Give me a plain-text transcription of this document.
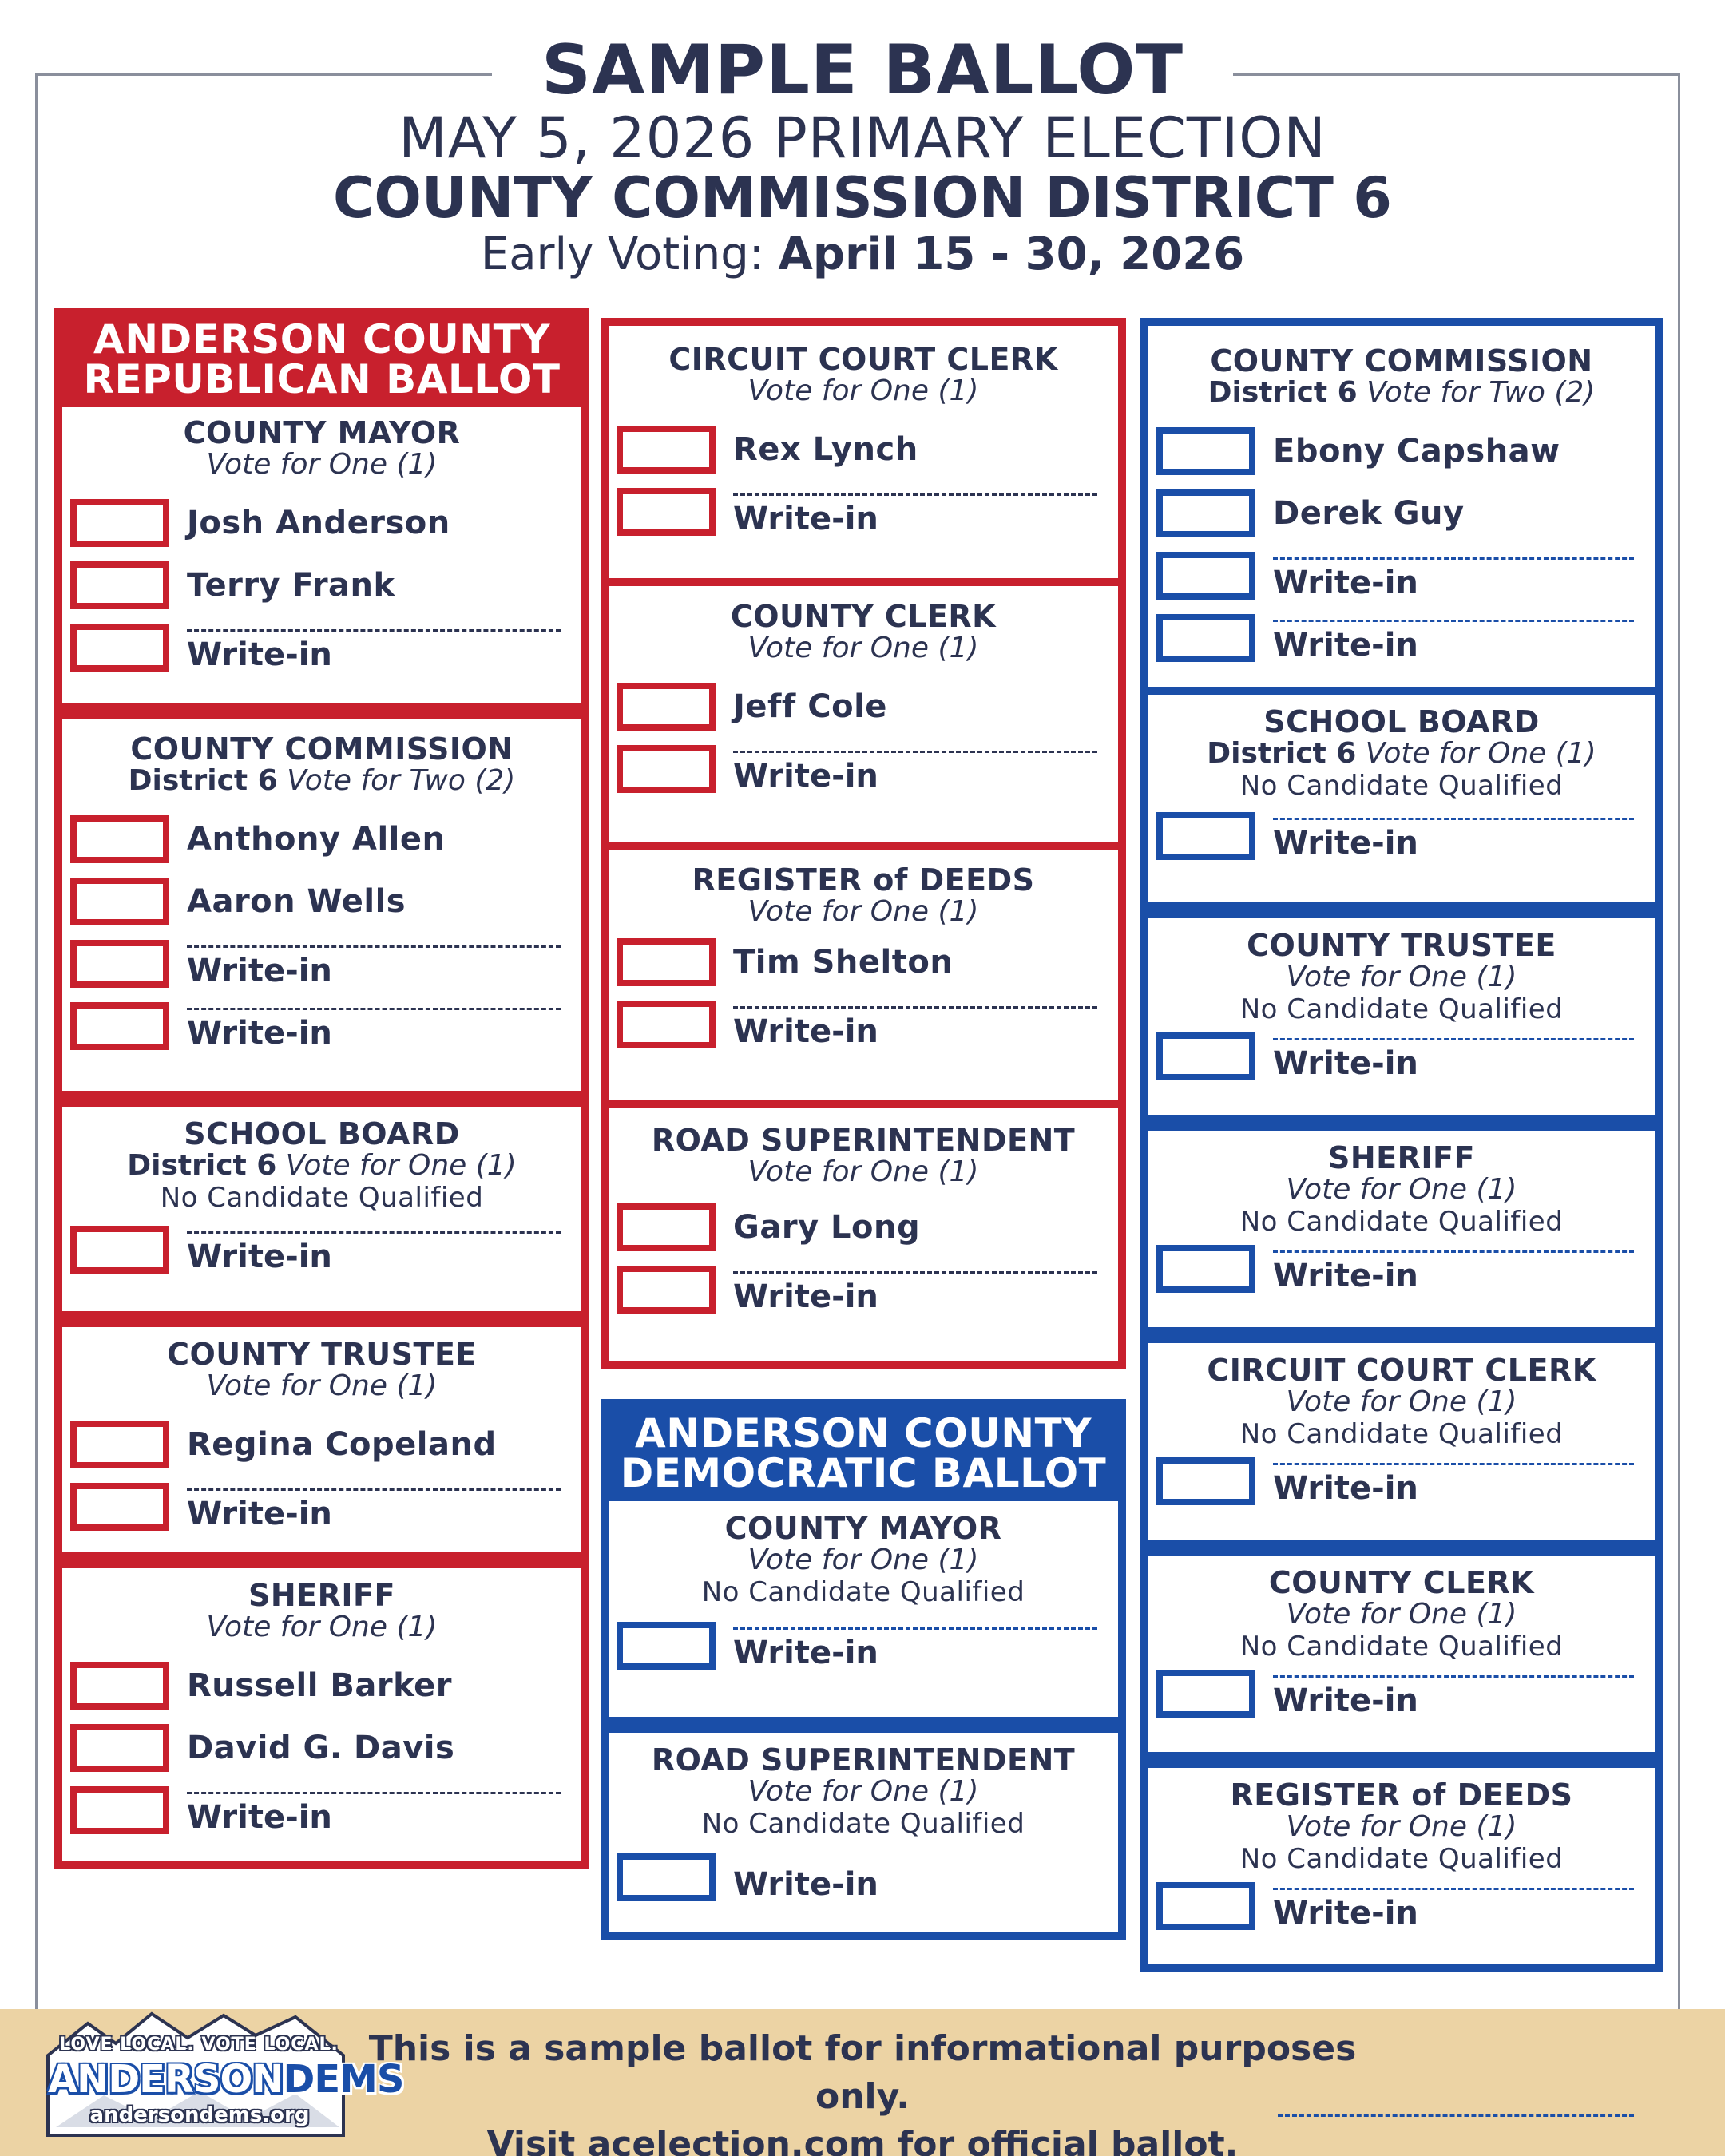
SAMPLE BALLOT
MAY 5, 2026 PRIMARY ELECTION
COUNTY COMMISSION DISTRICT 6
Early Voting: April 15 - 30, 2026
ANDERSON COUNTY
REPUBLICAN BALLOT
COUNTY MAYOR
Vote for One (1)
Josh Anderson
Terry Frank
Write-in
COUNTY COMMISSION
District 6 Vote for Two (2)
Anthony Allen
Aaron Wells
Write-in
Write-in
SCHOOL BOARD
District 6 Vote for One (1)
No Candidate Qualified
Write-in
COUNTY TRUSTEE
Vote for One (1)
Regina Copeland
Write-in
SHERIFF
Vote for One (1)
Russell Barker
David G. Davis
Write-in
CIRCUIT COURT CLERK
Vote for One (1)
Rex Lynch
Write-in
COUNTY CLERK
Vote for One (1)
Jeff Cole
Write-in
REGISTER of DEEDS
Vote for One (1)
Tim Shelton
Write-in
ROAD SUPERINTENDENT
Vote for One (1)
Gary Long
Write-in
ANDERSON COUNTY
DEMOCRATIC BALLOT
COUNTY MAYOR
Vote for One (1)
No Candidate Qualified
Write-in
ROAD SUPERINTENDENT
Vote for One (1)
No Candidate Qualified
Write-in
COUNTY COMMISSION
District 6 Vote for Two (2)
Ebony Capshaw
Derek Guy
Write-in
Write-in
SCHOOL BOARD
District 6 Vote for One (1)
No Candidate Qualified
Write-in
COUNTY TRUSTEE
Vote for One (1)
No Candidate Qualified
Write-in
SHERIFF
Vote for One (1)
No Candidate Qualified
Write-in
CIRCUIT COURT CLERK
Vote for One (1)
No Candidate Qualified
Write-in
COUNTY CLERK
Vote for One (1)
No Candidate Qualified
Write-in
REGISTER of DEEDS
Vote for One (1)
No Candidate Qualified
Write-in
This is a sample ballot for informational purposes only.
Visit acelection.com for official ballot.
LOVE LOCAL. VOTE LOCAL.
ANDERSONDEMS
andersondems.org
